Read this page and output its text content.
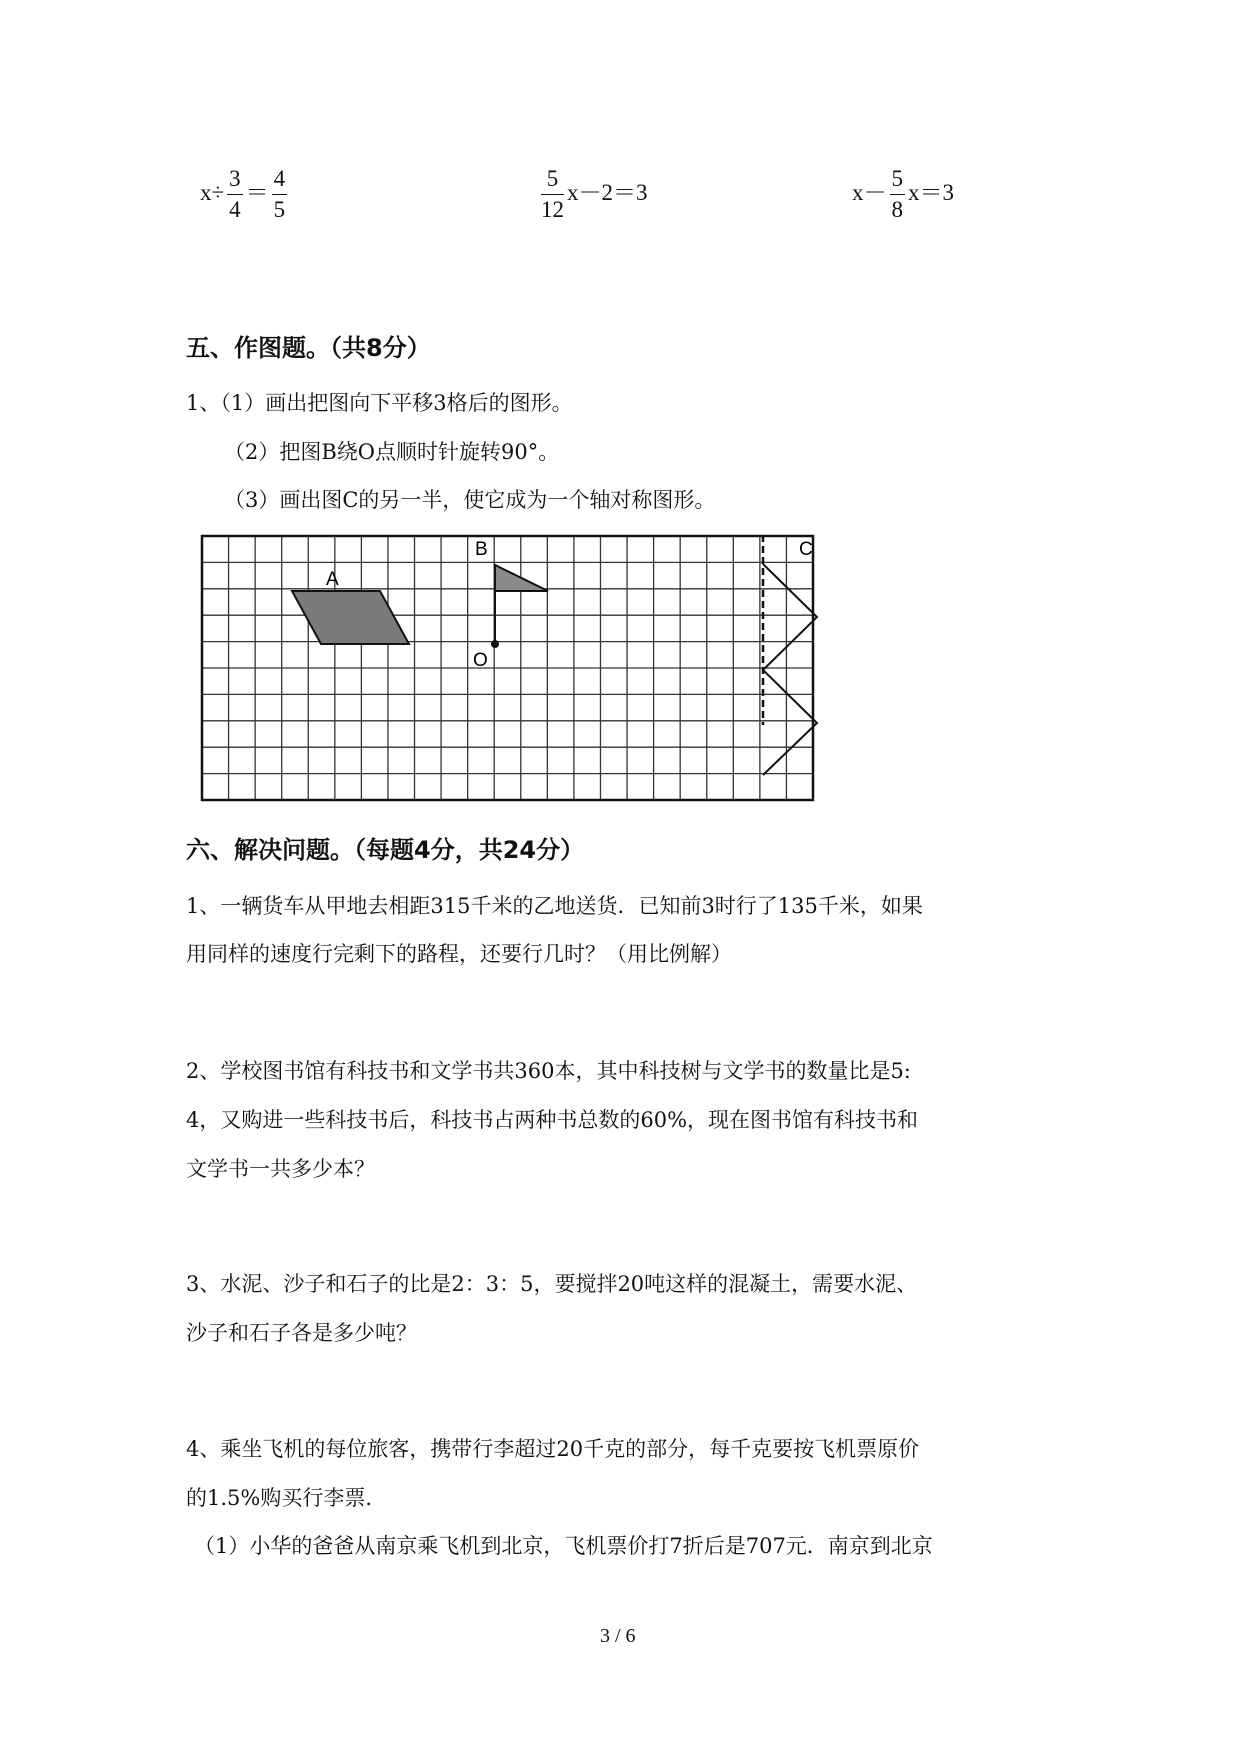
$x\div \frac{3}{4} = \frac{4}{5}$	$\frac{5}{12} x-2=3$	$x- \frac{5}{8} x=3$
五、作图题。（共8分）
1、（1）画出把图向下平移3格后的图形。
（2）把图B绕O点顺时针旋转90°。
（3）画出图C的另一半，使它成为一个轴对称图形。
A
B
O
C
六、解决问题。（每题4分，共24分）
1、一辆货车从甲地去相距315千米的乙地送货．已知前3时行了135千米，如果
用同样的速度行完剩下的路程，还要行几时？（用比例解）
2、学校图书馆有科技书和文学书共360本，其中科技树与文学书的数量比是5:
4，又购进一些科技书后，科技书占两种书总数的60%，现在图书馆有科技书和
文学书一共多少本？
3、水泥、沙子和石子的比是2：3：5，要搅拌20吨这样的混凝土，需要水泥、
沙子和石子各是多少吨？
4、乘坐飞机的每位旅客，携带行李超过20千克的部分，每千克要按飞机票原价
的1.5%购买行李票．
（1）小华的爸爸从南京乘飞机到北京，飞机票价打7折后是707元．南京到北京
3 / 6
